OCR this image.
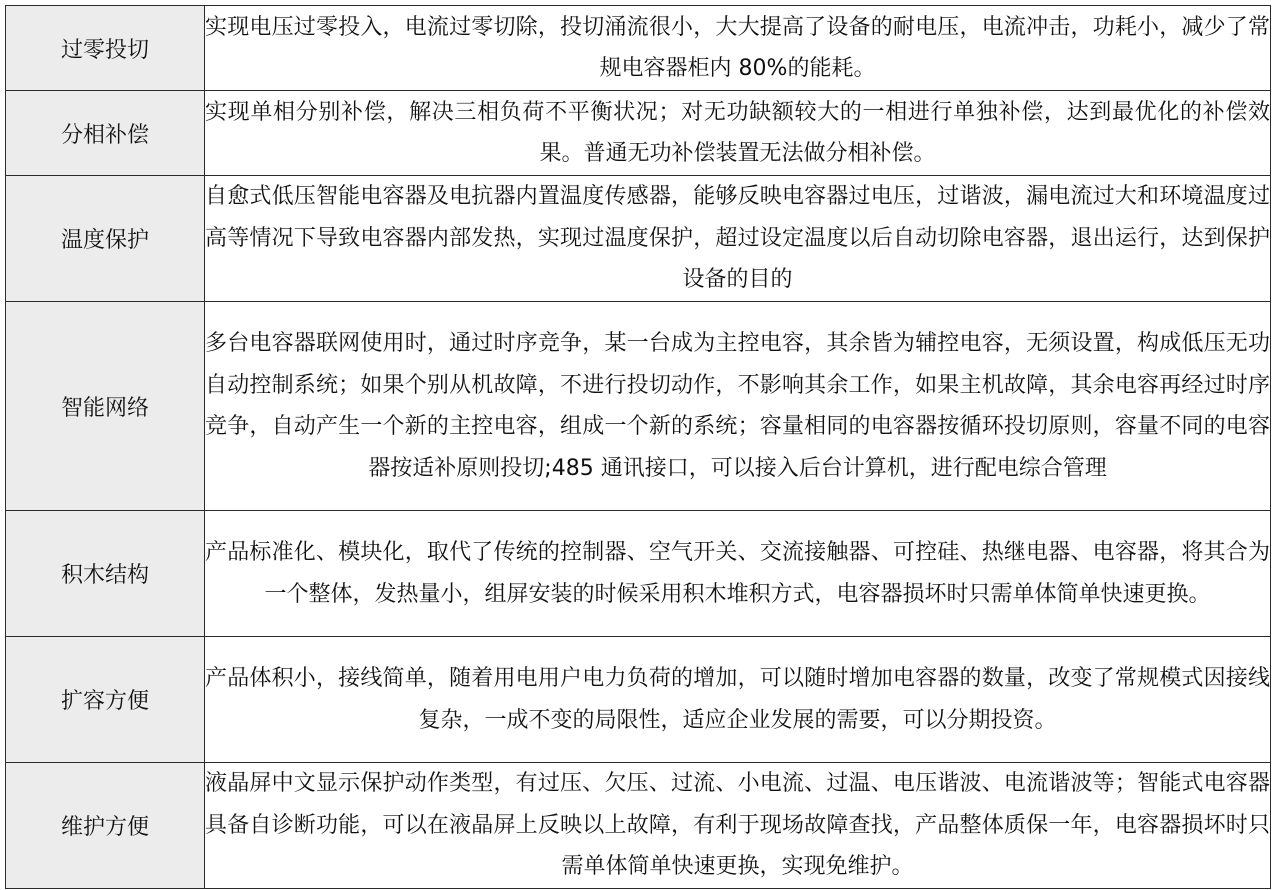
过零投切	实现电压过零投入，电流过零切除，投切涌流很小，大大提高了设备的耐电压，电流冲击，功耗小，减少了常规电容器柜内 80%的能耗。
分相补偿	实现单相分别补偿，解决三相负荷不平衡状况；对无功缺额较大的一相进行单独补偿，达到最优化的补偿效果。普通无功补偿装置无法做分相补偿。
温度保护	自愈式低压智能电容器及电抗器内置温度传感器，能够反映电容器过电压，过谐波，漏电流过大和环境温度过高等情况下导致电容器内部发热，实现过温度保护，超过设定温度以后自动切除电容器，退出运行，达到保护设备的目的
智能网络	多台电容器联网使用时，通过时序竞争，某一台成为主控电容，其余皆为辅控电容，无须设置，构成低压无功自动控制系统；如果个别从机故障，不进行投切动作，不影响其余工作，如果主机故障，其余电容再经过时序竞争，自动产生一个新的主控电容，组成一个新的系统；容量相同的电容器按循环投切原则，容量不同的电容器按适补原则投切;485 通讯接口，可以接入后台计算机，进行配电综合管理
积木结构	产品标准化、模块化，取代了传统的控制器、空气开关、交流接触器、可控硅、热继电器、电容器，将其合为一个整体，发热量小，组屏安装的时候采用积木堆积方式，电容器损坏时只需单体简单快速更换。
扩容方便	产品体积小，接线简单，随着用电用户电力负荷的增加，可以随时增加电容器的数量，改变了常规模式因接线复杂，一成不变的局限性，适应企业发展的需要，可以分期投资。
维护方便	液晶屏中文显示保护动作类型，有过压、欠压、过流、小电流、过温、电压谐波、电流谐波等；智能式电容器具备自诊断功能，可以在液晶屏上反映以上故障，有利于现场故障查找，产品整体质保一年，电容器损坏时只需单体简单快速更换，实现免维护。
